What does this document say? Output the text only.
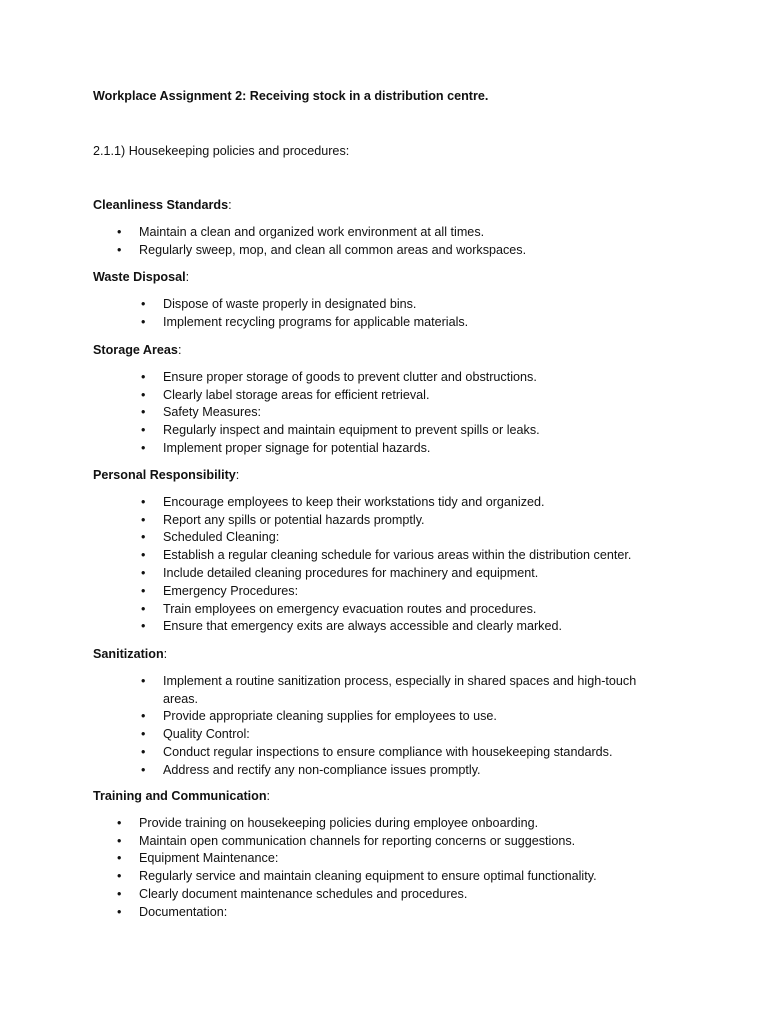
Workplace Assignment 2: Receiving stock in a distribution centre.
2.1.1) Housekeeping policies and procedures:

Cleanliness Standards:

• Maintain a clean and organized work environment at all times.
• Regularly sweep, mop, and clean all common areas and workspaces.

Waste Disposal:

• Dispose of waste properly in designated bins.
• Implement recycling programs for applicable materials.

Storage Areas:

• Ensure proper storage of goods to prevent clutter and obstructions.
• Clearly label storage areas for efficient retrieval.
• Safety Measures:
• Regularly inspect and maintain equipment to prevent spills or leaks.
• Implement proper signage for potential hazards.

Personal Responsibility:

• Encourage employees to keep their workstations tidy and organized.
• Report any spills or potential hazards promptly.
• Scheduled Cleaning:
• Establish a regular cleaning schedule for various areas within the distribution center.
• Include detailed cleaning procedures for machinery and equipment.
• Emergency Procedures:
• Train employees on emergency evacuation routes and procedures.
• Ensure that emergency exits are always accessible and clearly marked.

Sanitization:

• Implement a routine sanitization process, especially in shared spaces and high-touch areas.
• Provide appropriate cleaning supplies for employees to use.
• Quality Control:
• Conduct regular inspections to ensure compliance with housekeeping standards.
• Address and rectify any non-compliance issues promptly.

Training and Communication:

• Provide training on housekeeping policies during employee onboarding.
• Maintain open communication channels for reporting concerns or suggestions.
• Equipment Maintenance:
• Regularly service and maintain cleaning equipment to ensure optimal functionality.
• Clearly document maintenance schedules and procedures.
• Documentation:
